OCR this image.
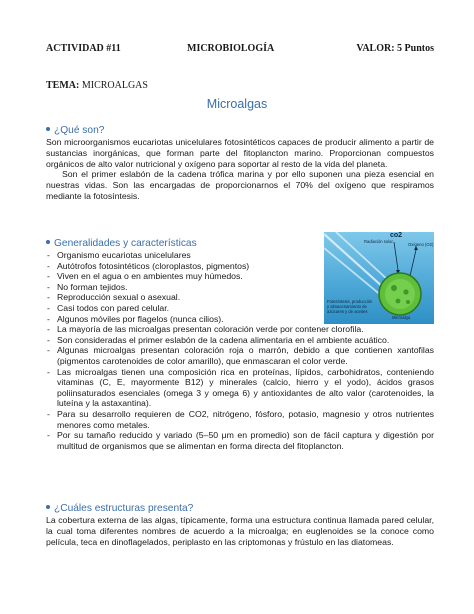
ACTIVIDAD #11	MICROBIOLOGÍA	VALOR: 5 Puntos
TEMA: MICROALGAS
Microalgas
¿Qué son?

Son microorganismos eucariotas unicelulares fotosintéticos capaces de producir alimento a partir de sustancias inorgánicas, que forman parte del fitoplancton marino. Proporcionan compuestos orgánicos de alto valor nutricional y oxígeno para soportar al resto de la vida del planeta.

Son el primer eslabón de la cadena trófica marina y por ello suponen una pieza esencial en nuestras vidas. Son las encargadas de proporcionarnos el 70% del oxígeno que respiramos mediante la fotosíntesis.

Generalidades y características
- Organismo eucariotas unicelulares
- Autótrofos fotosintéticos (cloroplastos, pigmentos)
- Viven en el agua o en ambientes muy húmedos.
- No forman tejidos.
- Reproducción sexual o asexual.
- Casi todos con pared celular.
- Algunos móviles por flagelos (nunca cilios).
- La mayoría de las microalgas presentan coloración verde por contener clorofila.
- Son consideradas el primer eslabón de la cadena alimentaria en el ambiente acuático.
- Algunas microalgas presentan coloración roja o marrón, debido a que contienen xantofilas (pigmentos carotenoides de color amarillo), que enmascaran el color verde.
- Las microalgas tienen una composición rica en proteínas, lípidos, carbohidratos, conteniendo vitaminas (C, E, mayormente B12) y minerales (calcio, hierro y el yodo), ácidos grasos poliinsaturados esenciales (omega 3 y omega 6) y antioxidantes de alto valor (carotenoides, la luteína y la astaxantina).
- Para su desarrollo requieren de CO2, nitrógeno, fósforo, potasio, magnesio y otros nutrientes menores como metales.
- Por su tamaño reducido y variado (5–50 μm en promedio) son de fácil captura y digestión por multitud de organismos que se alimentan en forma directa del fitoplancton.
co2
Radiación solar
Oxígeno (O2)
Fotosíntesis, producción
y almacenamiento de
azúcares y de aceites
Microalga
¿Cuáles estructuras presenta?

La cobertura externa de las algas, típicamente, forma una estructura continua llamada pared celular, la cual toma diferentes nombres de acuerdo a la microalga; en euglenoides se la conoce como película, teca en dinoflagelados, periplasto en las criptomonas y frústulo en las diatomeas.
